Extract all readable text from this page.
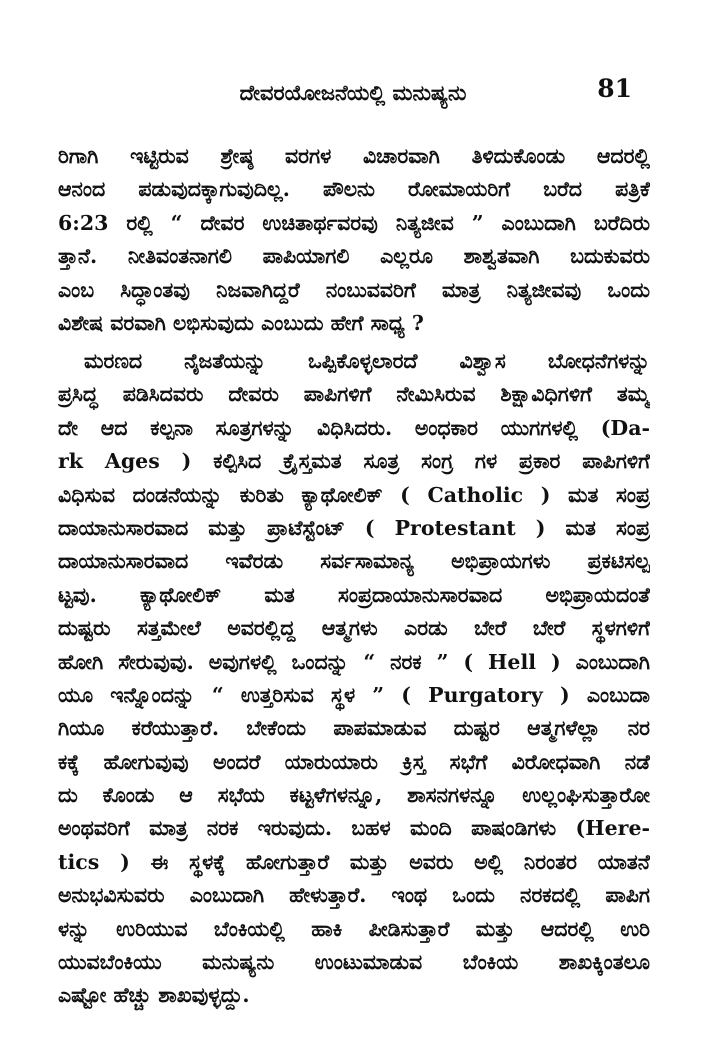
ದೇವರಯೋಜನೆಯಲ್ಲಿ ಮನುಷ್ಯನು	81
ರಿಗಾಗಿ ಇಟ್ಟಿರುವ ಶ್ರೇಷ್ಠ ವರಗಳ ವಿಚಾರವಾಗಿ ತಿಳಿದುಕೊಂಡು ಆದರಲ್ಲಿ
ಆನಂದ ಪಡುವುದಕ್ಕಾಗುವುದಿಲ್ಲ. ಪೌಲನು ರೋಮಾಯರಿಗೆ ಬರೆದ ಪತ್ರಿಕೆ
6:23 ರಲ್ಲಿ “ ದೇವರ ಉಚಿತಾರ್ಥವರವು ನಿತ್ಯಜೀವ ” ಎಂಬುದಾಗಿ ಬರೆದಿರು
ತ್ತಾನೆ. ನೀತಿವಂತನಾಗಲಿ ಪಾಪಿಯಾಗಲಿ ಎಲ್ಲರೂ ಶಾಶ್ವತವಾಗಿ ಬದುಕುವರು
ಎಂಬ ಸಿದ್ಧಾಂತವು ನಿಜವಾಗಿದ್ದರೆ ನಂಬುವವರಿಗೆ ಮಾತ್ರ ನಿತ್ಯಜೀವವು ಒಂದು
ವಿಶೇಷ ವರವಾಗಿ ಲಭಿಸುವುದು ಎಂಬುದು ಹೇಗೆ ಸಾಧ್ಯ ?
ಮರಣದ ನೈಜತೆಯನ್ನು ಒಪ್ಪಿಕೊಳ್ಳಲಾರದೆ ವಿಶ್ವಾಸ ಬೋಧನೆಗಳನ್ನು
ಪ್ರಸಿದ್ಧ ಪಡಿಸಿದವರು ದೇವರು ಪಾಪಿಗಳಿಗೆ ನೇಮಿಸಿರುವ ಶಿಕ್ಷಾವಿಧಿಗಳಿಗೆ ತಮ್ಮ
ದೇ ಆದ ಕಲ್ಪನಾ ಸೂತ್ರಗಳನ್ನು ವಿಧಿಸಿದರು. ಅಂಧಕಾರ ಯುಗಗಳಲ್ಲಿ (Da-
rk Ages ) ಕಲ್ಪಿಸಿದ ಕ್ರೈಸ್ತಮತ ಸೂತ್ರ ಸಂಗ್ರ ಗಳ ಪ್ರಕಾರ ಪಾಪಿಗಳಿಗೆ
ವಿಧಿಸುವ ದಂಡನೆಯನ್ನು ಕುರಿತು ಕ್ಯಾಥೋಲಿಕ್ ( Catholic ) ಮತ ಸಂಪ್ರ
ದಾಯಾನುಸಾರವಾದ ಮತ್ತು ಪ್ರಾಟೆಸ್ಟೆಂಟ್ ( Protestant ) ಮತ ಸಂಪ್ರ
ದಾಯಾನುಸಾರವಾದ ಇವೆರಡು ಸರ್ವಸಾಮಾನ್ಯ ಅಭಿಪ್ರಾಯಗಳು ಪ್ರಕಟಿಸಲ್ಪ
ಟ್ಟವು. ಕ್ಯಾಥೋಲಿಕ್ ಮತ ಸಂಪ್ರದಾಯಾನುಸಾರವಾದ ಅಭಿಪ್ರಾಯದಂತೆ
ದುಷ್ಟರು ಸತ್ತಮೇಲೆ ಅವರಲ್ಲಿದ್ದ ಆತ್ಮಗಳು ಎರಡು ಬೇರೆ ಬೇರೆ ಸ್ಥಳಗಳಿಗೆ
ಹೋಗಿ ಸೇರುವುವು. ಅವುಗಳಲ್ಲಿ ಒಂದನ್ನು “ ನರಕ ” ( Hell ) ಎಂಬುದಾಗಿ
ಯೂ ಇನ್ನೊಂದನ್ನು “ ಉತ್ತರಿಸುವ ಸ್ಥಳ ” ( Purgatory ) ಎಂಬುದಾ
ಗಿಯೂ ಕರೆಯುತ್ತಾರೆ. ಬೇಕೆಂದು ಪಾಪಮಾಡುವ ದುಷ್ಟರ ಆತ್ಮಗಳೆಲ್ಲಾ ನರ
ಕಕ್ಕೆ ಹೋಗುವುವು ಅಂದರೆ ಯಾರುಯಾರು ಕ್ರಿಸ್ತ ಸಭೆಗೆ ವಿರೋಧವಾಗಿ ನಡೆ
ದು ಕೊಂಡು ಆ ಸಭೆಯ ಕಟ್ಟಳೆಗಳನ್ನೂ, ಶಾಸನಗಳನ್ನೂ ಉಲ್ಲಂಘಿಸುತ್ತಾರೋ
ಅಂಥವರಿಗೆ ಮಾತ್ರ ನರಕ ಇರುವುದು. ಬಹಳ ಮಂದಿ ಪಾಷಂಡಿಗಳು (Here-
tics ) ಈ ಸ್ಥಳಕ್ಕೆ ಹೋಗುತ್ತಾರೆ ಮತ್ತು ಅವರು ಅಲ್ಲಿ ನಿರಂತರ ಯಾತನೆ
ಅನುಭವಿಸುವರು ಎಂಬುದಾಗಿ ಹೇಳುತ್ತಾರೆ. ಇಂಥ ಒಂದು ನರಕದಲ್ಲಿ ಪಾಪಿಗ
ಳನ್ನು ಉರಿಯುವ ಬೆಂಕಿಯಲ್ಲಿ ಹಾಕಿ ಪೀಡಿಸುತ್ತಾರೆ ಮತ್ತು ಆದರಲ್ಲಿ ಉರಿ
ಯುವಬೆಂಕಿಯು ಮನುಷ್ಯನು ಉಂಟುಮಾಡುವ ಬೆಂಕಿಯ ಶಾಖಕ್ಕಿಂತಲೂ
ಎಷ್ಟೋ ಹೆಚ್ಚು ಶಾಖವುಳ್ಳದ್ದು.
